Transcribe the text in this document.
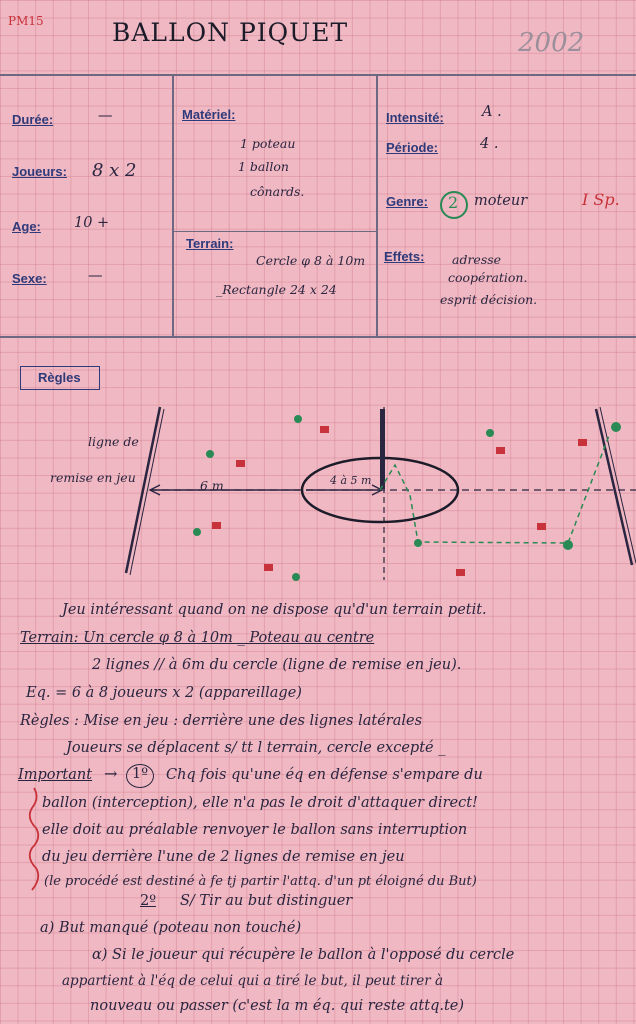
PM15	BALLON PIQUET	2002
Durée:	—
Joueurs: 8 x 2
Age: 10 +
Sexe:	—
Matériel:
1 poteau
1 ballon
cônards.
Terrain:
Cercle φ 8 à 10m
_Rectangle 24 x 24
Intensité:	A .
Période:	4 .
Genre: 2 moteur	I Sp.
Effets: adresse
coopération.
esprit décision.
Règles
ligne de
remise en jeu
6 m	4 à 5 m
Jeu intéressant quand on ne dispose qu'd'un terrain petit.
Terrain: Un cercle φ 8 à 10m _ Poteau au centre
2 lignes // à 6m du cercle (ligne de remise en jeu).
Eq. = 6 à 8 joueurs x 2 (appareillage)
Règles : Mise en jeu : derrière une des lignes latérales
Joueurs se déplacent s/ tt l terrain, cercle excepté _
Important → 1º Chq fois qu'une éq en défense s'empare du
ballon (interception), elle n'a pas le droit d'attaquer direct!
elle doit au préalable renvoyer le ballon sans interruption
du jeu derrière l'une de 2 lignes de remise en jeu
(le procédé est destiné à fe tj partir l'attq. d'un pt éloigné du But)
2º S/ Tir au but distinguer
a) But manqué (poteau non touché)
α) Si le joueur qui récupère le ballon à l'opposé du cercle
appartient à l'éq de celui qui a tiré le but, il peut tirer à
nouveau ou passer (c'est la m éq. qui reste attq.te)
